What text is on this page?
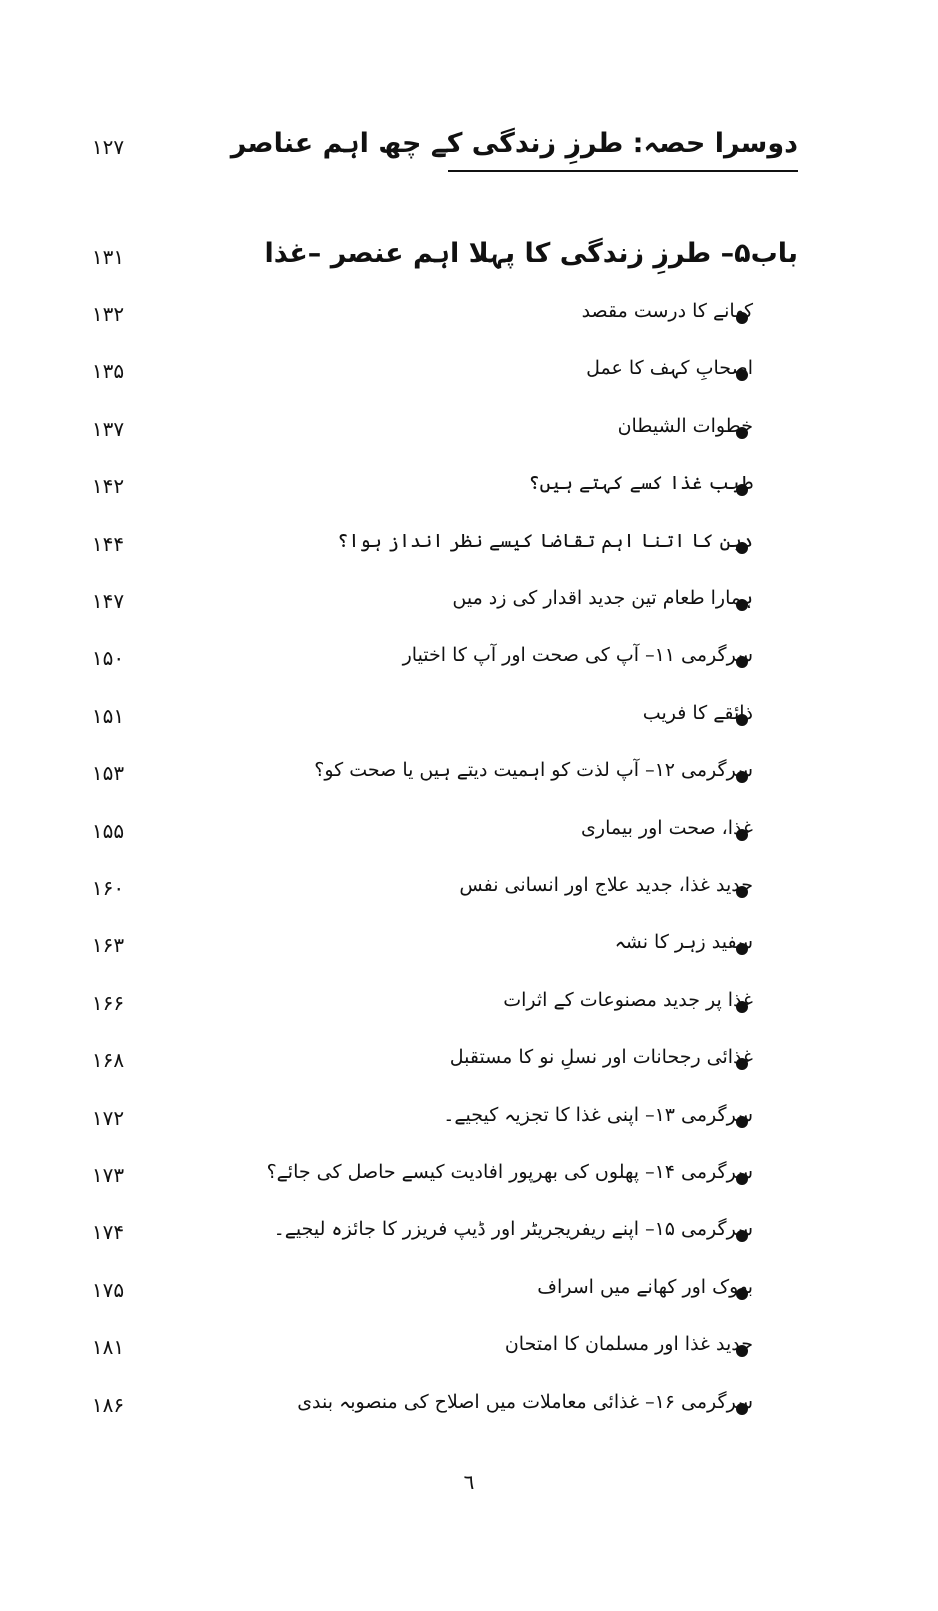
دوسرا حصہ: طرزِ زندگی کے چھ اہم عناصر
۱۲۷
باب۵– طرزِ زندگی کا پہلا اہم عنصر –غذا
۱۳۱
کھانے کا درست مقصد
۱۳۲
اصحابِ کہف کا عمل
۱۳۵
خطوات الشیطان
۱۳۷
طیب غذا کسے کہتے ہیں؟
۱۴۲
دین کا اتنا اہم تقاضا کیسے نظر انداز ہوا؟
۱۴۴
ہمارا طعام تین جدید اقدار کی زد میں
۱۴۷
سرگرمی ۱۱– آپ کی صحت اور آپ کا اختیار
۱۵۰
ذائقے کا فریب
۱۵۱
سرگرمی ۱۲– آپ لذت کو اہمیت دیتے ہیں یا صحت کو؟
۱۵۳
غذا، صحت اور بیماری
۱۵۵
جدید غذا، جدید علاج اور انسانی نفس
۱۶۰
سفید زہر کا نشہ
۱۶۳
غذا پر جدید مصنوعات کے اثرات
۱۶۶
غذائی رجحانات اور نسلِ نو کا مستقبل
۱۶۸
سرگرمی ۱۳– اپنی غذا کا تجزیہ کیجیے۔
۱۷۲
سرگرمی ۱۴– پھلوں کی بھرپور افادیت کیسے حاصل کی جائے؟
۱۷۳
سرگرمی ۱۵– اپنے ریفریجریٹر اور ڈیپ فریزر کا جائزہ لیجیے۔
۱۷۴
بھوک اور کھانے میں اسراف
۱۷۵
جدید غذا اور مسلمان کا امتحان
۱۸۱
سرگرمی ۱۶– غذائی معاملات میں اصلاح کی منصوبہ بندی
۱۸۶
٦
